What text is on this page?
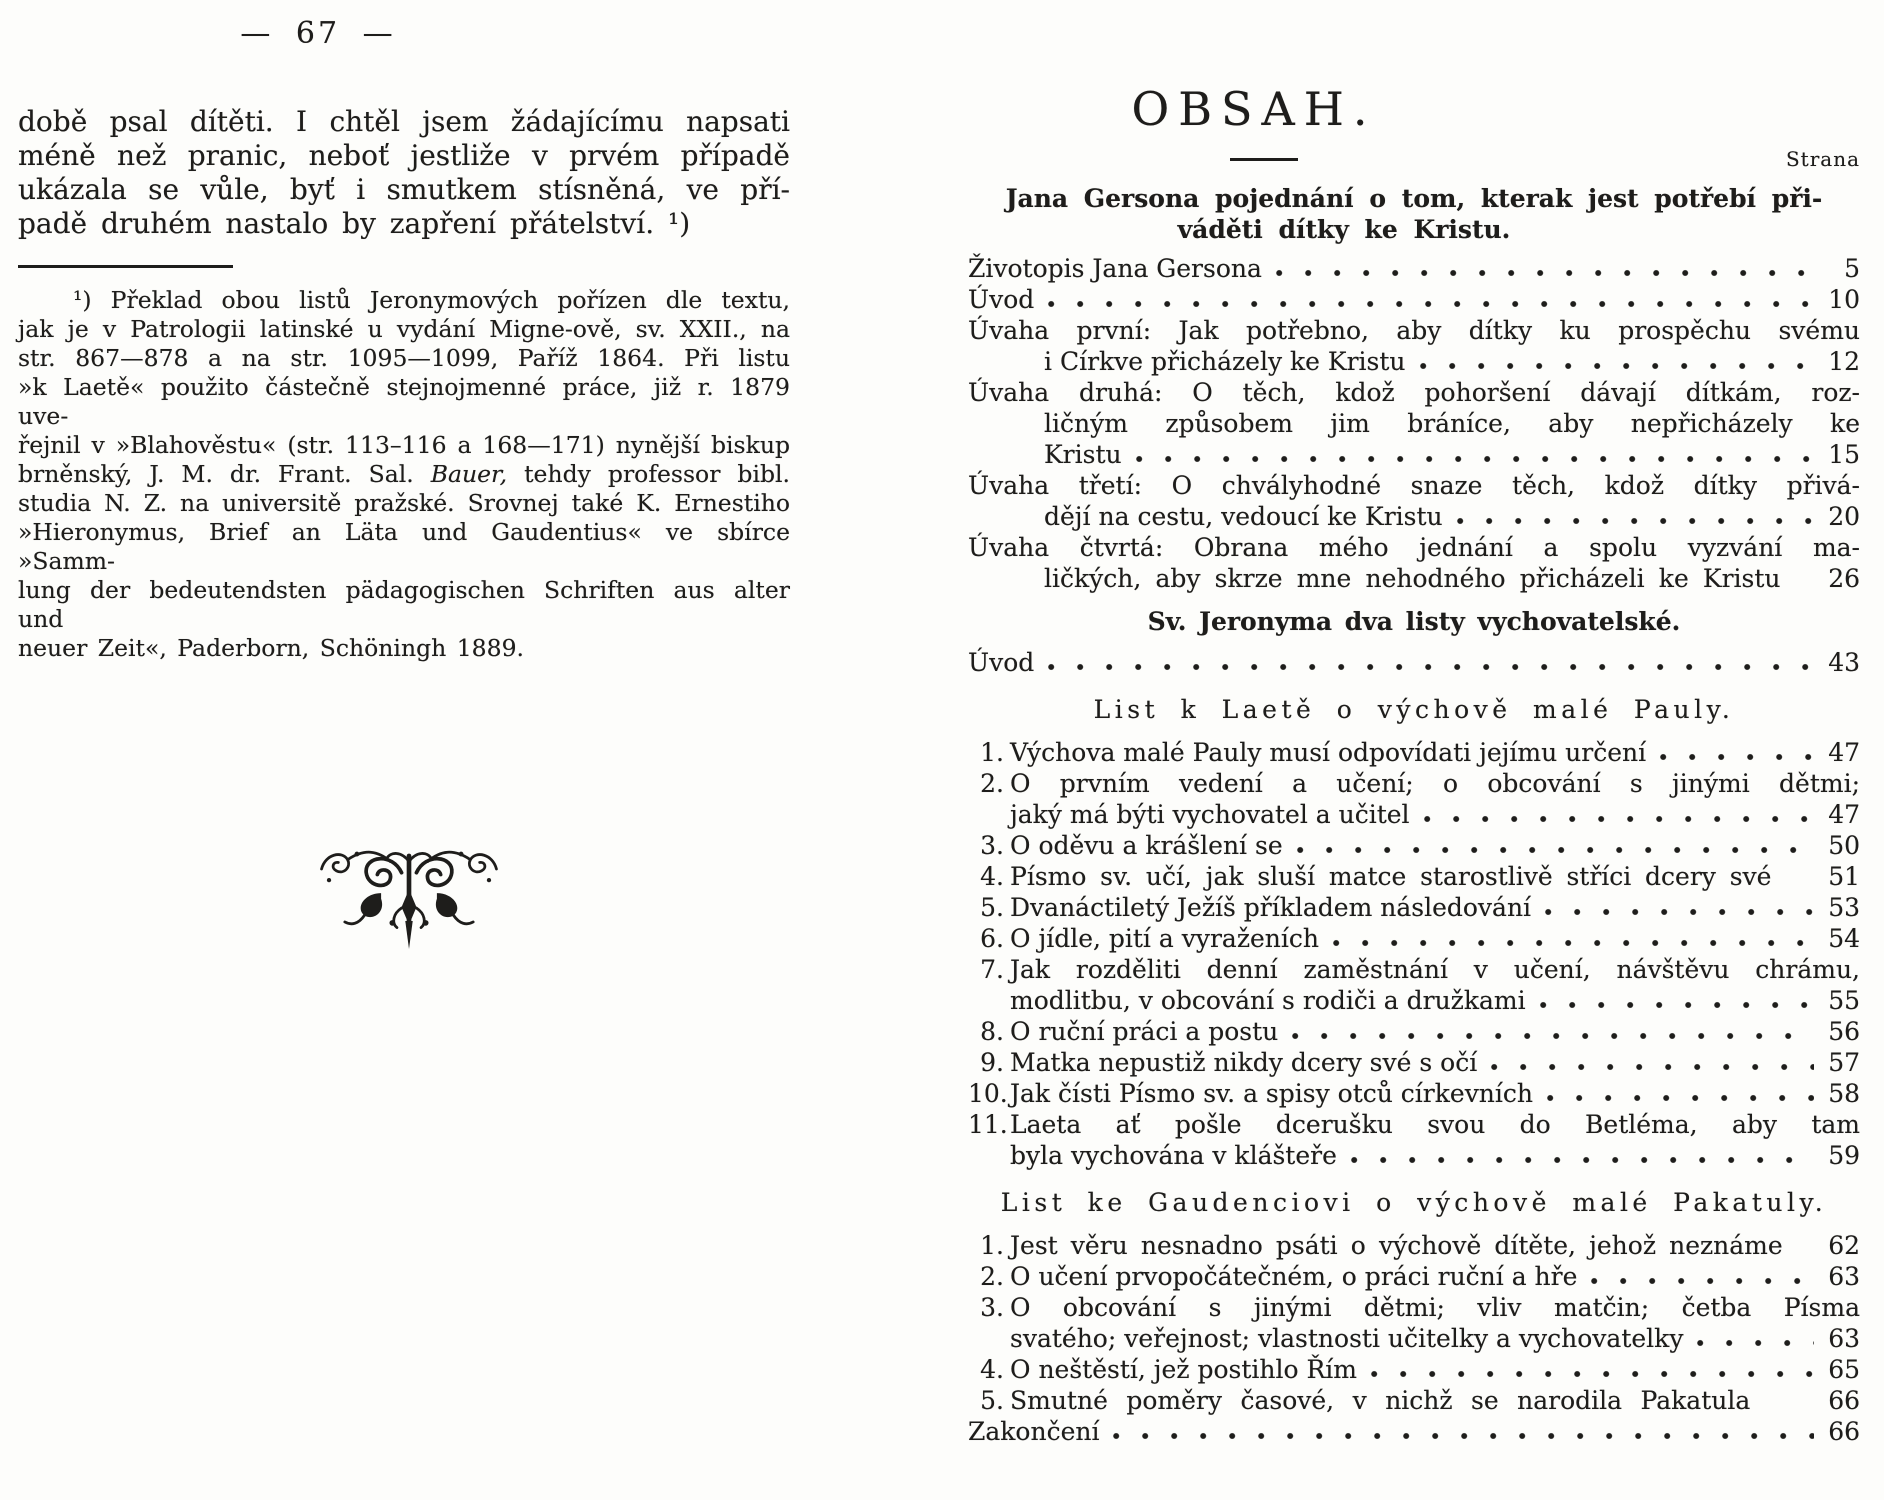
— 67 —
době psal dítěti. I chtěl jsem žádajícímu napsati
méně než pranic, neboť jestliže v prvém případě
ukázala se vůle, byť i smutkem stísněná, ve pří-
padě druhém nastalo by zapření přátelství. ¹)
¹) Překlad obou listů Jeronymových pořízen dle textu,
jak je v Patrologii latinské u vydání Migne-ově, sv. XXII., na
str. 867—878 a na str. 1095—1099, Paříž 1864. Při listu
»k Laetě« použito částečně stejnojmenné práce, již r. 1879 uve-
řejnil v »Blahověstu« (str. 113–116 a 168—171) nynější biskup
brněnský, J. M. dr. Frant. Sal. Bauer, tehdy professor bibl.
studia N. Z. na universitě pražské. Srovnej také K. Ernestiho
»Hieronymus, Brief an Läta und Gaudentius« ve sbírce »Samm-
lung der bedeutendsten pädagogischen Schriften aus alter und
neuer Zeit«, Paderborn, Schöningh 1889.
OBSAH.
Strana
Jana Gersona pojednání o tom, kterak jest potřebí při-
váděti dítky ke Kristu.
Životopis Jana Gersona	5
Úvod	10
Úvaha první: Jak potřebno, aby dítky ku prospěchu svému
i Církve přicházely ke Kristu	12
Úvaha druhá: O těch, kdož pohoršení dávají dítkám, roz-
ličným způsobem jim bráníce, aby nepřicházely ke
Kristu	15
Úvaha třetí: O chvályhodné snaze těch, kdož dítky přivá-
dějí na cestu, vedoucí ke Kristu	20
Úvaha čtvrtá: Obrana mého jednání a spolu vyzvání ma-
ličkých, aby skrze mne nehodného přicházeli ke Kristu 26
Sv. Jeronyma dva listy vychovatelské.
Úvod	43
List k Laetě o výchově malé Pauly.
1. Výchova malé Pauly musí odpovídati jejímu určení	47
2. O prvním vedení a učení; o obcování s jinými dětmi;
jaký má býti vychovatel a učitel	47
3. O oděvu a krášlení se	50
4. Písmo sv. učí, jak sluší matce starostlivě stříci dcery své 51
5. Dvanáctiletý Ježíš příkladem následování	53
6. O jídle, pití a vyraženích	54
7. Jak rozděliti denní zaměstnání v učení, návštěvu chrámu,
modlitbu, v obcování s rodiči a družkami	55
8. O ruční práci a postu	56
9. Matka nepustiž nikdy dcery své s očí	57
10. Jak čísti Písmo sv. a spisy otců církevních	58
11. Laeta ať pošle dcerušku svou do Betléma, aby tam
byla vychována v klášteře	59
List ke Gaudenciovi o výchově malé Pakatuly.
1. Jest věru nesnadno psáti o výchově dítěte, jehož neznáme 62
2. O učení prvopočátečném, o práci ruční a hře	63
3. O obcování s jinými dětmi; vliv matčin; četba Písma
svatého; veřejnost; vlastnosti učitelky a vychovatelky	63
4. O neštěstí, jež postihlo Řím	65
5. Smutné poměry časové, v nichž se narodila Pakatula	66
Zakončení	66
